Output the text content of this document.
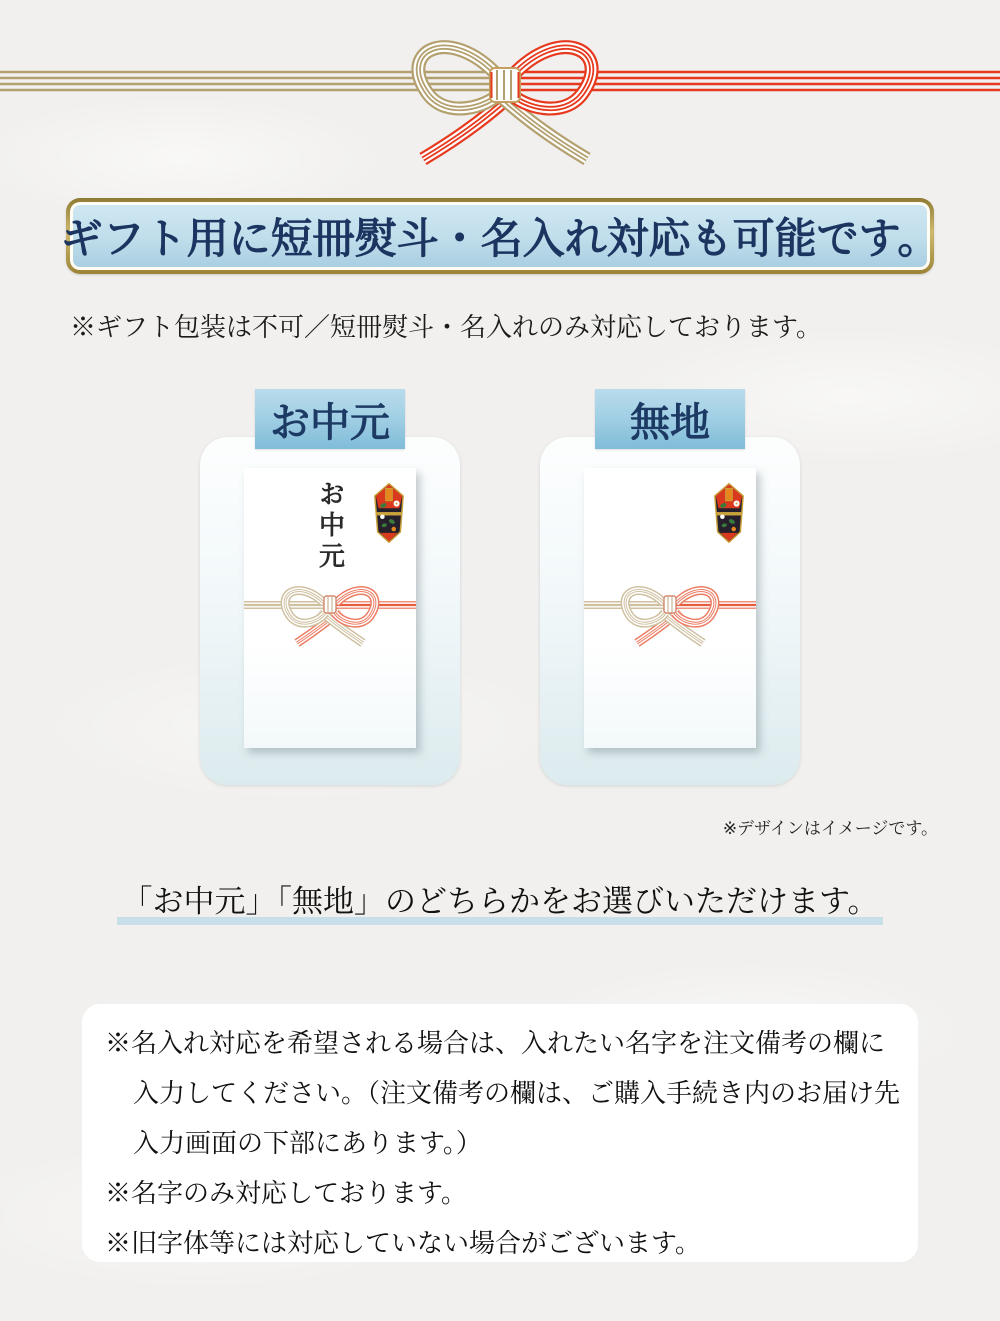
ギフト用に短冊熨斗・名入れ対応も可能です。
※ギフト包装は不可／短冊熨斗・名入れのみ対応しております。
お中元
お中元
無地
※デザインはイメージです。
「お中元」「無地」のどちらかをお選びいただけます。
※名入れ対応を希望される場合は、入れたい名字を注文備考の欄に
入力してください。（注文備考の欄は、ご購入手続き内のお届け先
入力画面の下部にあります。）
※名字のみ対応しております。
※旧字体等には対応していない場合がございます。
